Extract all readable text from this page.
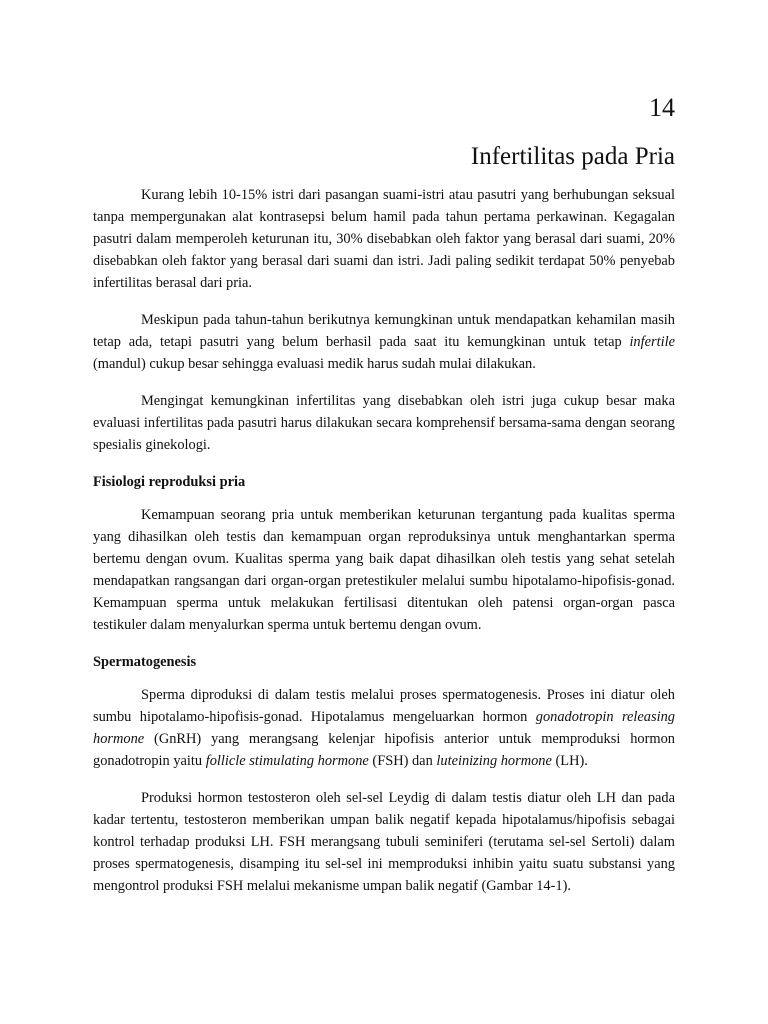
14
Infertilitas pada Pria

Kurang lebih 10-15% istri dari pasangan suami-istri atau pasutri yang berhubungan seksual tanpa mempergunakan alat kontrasepsi belum hamil pada tahun pertama perkawinan. Kegagalan pasutri dalam memperoleh keturunan itu, 30% disebabkan oleh faktor yang berasal dari suami, 20% disebabkan oleh faktor yang berasal dari suami dan istri. Jadi paling sedikit terdapat 50% penyebab infertilitas berasal dari pria.

Meskipun pada tahun-tahun berikutnya kemungkinan untuk mendapatkan kehamilan masih tetap ada, tetapi pasutri yang belum berhasil pada saat itu kemungkinan untuk tetap infertile (mandul) cukup besar sehingga evaluasi medik harus sudah mulai dilakukan.

Mengingat kemungkinan infertilitas yang disebabkan oleh istri juga cukup besar maka evaluasi infertilitas pada pasutri harus dilakukan secara komprehensif bersama-sama dengan seorang spesialis ginekologi.

Fisiologi reproduksi pria

Kemampuan seorang pria untuk memberikan keturunan tergantung pada kualitas sperma yang dihasilkan oleh testis dan kemampuan organ reproduksinya untuk menghantarkan sperma bertemu dengan ovum. Kualitas sperma yang baik dapat dihasilkan oleh testis yang sehat setelah mendapatkan rangsangan dari organ-organ pretestikuler melalui sumbu hipotalamo-hipofisis-gonad. Kemampuan sperma untuk melakukan fertilisasi ditentukan oleh patensi organ-organ pasca testikuler dalam menyalurkan sperma untuk bertemu dengan ovum.

Spermatogenesis

Sperma diproduksi di dalam testis melalui proses spermatogenesis. Proses ini diatur oleh sumbu hipotalamo-hipofisis-gonad. Hipotalamus mengeluarkan hormon gonadotropin releasing hormone (GnRH) yang merangsang kelenjar hipofisis anterior untuk memproduksi hormon gonadotropin yaitu follicle stimulating hormone (FSH) dan luteinizing hormone (LH).

Produksi hormon testosteron oleh sel-sel Leydig di dalam testis diatur oleh LH dan pada kadar tertentu, testosteron memberikan umpan balik negatif kepada hipotalamus/hipofisis sebagai kontrol terhadap produksi LH. FSH merangsang tubuli seminiferi (terutama sel-sel Sertoli) dalam proses spermatogenesis, disamping itu sel-sel ini memproduksi inhibin yaitu suatu substansi yang mengontrol produksi FSH melalui mekanisme umpan balik negatif (Gambar 14-1).
